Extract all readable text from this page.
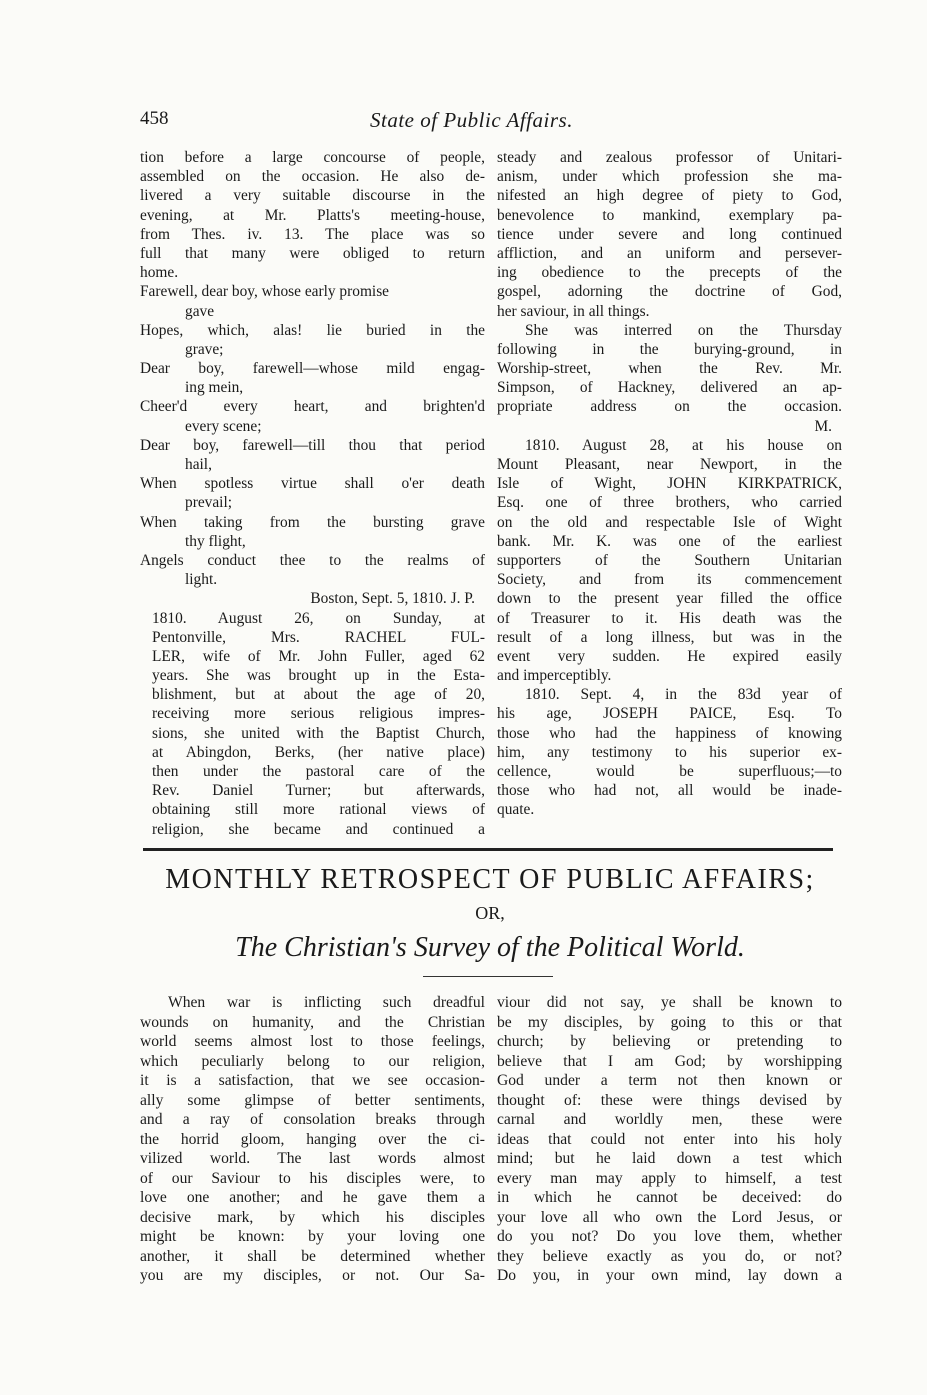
458	State of Public Affairs.
tion before a large concourse of people,
assembled on the occasion. He also de-
livered a very suitable discourse in the
evening, at Mr. Platts's meeting-house,
from Thes. iv. 13. The place was so
full that many were obliged to return
home.
Farewell, dear boy, whose early promise
gave
Hopes, which, alas! lie buried in the
grave;
Dear boy, farewell—whose mild engag-
ing mein,
Cheer'd every heart, and brighten'd
every scene;
Dear boy, farewell—till thou that period
hail,
When spotless virtue shall o'er death
prevail;
When taking from the bursting grave
thy flight,
Angels conduct thee to the realms of
light.
Boston, Sept. 5, 1810. J. P.
1810. August 26, on Sunday, at
Pentonville, Mrs. RACHEL FUL-
LER, wife of Mr. John Fuller, aged 62
years. She was brought up in the Esta-
blishment, but at about the age of 20,
receiving more serious religious impres-
sions, she united with the Baptist Church,
at Abingdon, Berks, (her native place)
then under the pastoral care of the
Rev. Daniel Turner; but afterwards,
obtaining still more rational views of
religion, she became and continued a
steady and zealous professor of Unitari-
anism, under which profession she ma-
nifested an high degree of piety to God,
benevolence to mankind, exemplary pa-
tience under severe and long continued
affliction, and an uniform and persever-
ing obedience to the precepts of the
gospel, adorning the doctrine of God,
her saviour, in all things.
She was interred on the Thursday
following in the burying-ground, in
Worship-street, when the Rev. Mr.
Simpson, of Hackney, delivered an ap-
propriate address on the occasion.
M.
1810. August 28, at his house on
Mount Pleasant, near Newport, in the
Isle of Wight, JOHN KIRKPATRICK,
Esq. one of three brothers, who carried
on the old and respectable Isle of Wight
bank. Mr. K. was one of the earliest
supporters of the Southern Unitarian
Society, and from its commencement
down to the present year filled the office
of Treasurer to it. His death was the
result of a long illness, but was in the
event very sudden. He expired easily
and imperceptibly.
1810. Sept. 4, in the 83d year of
his age, JOSEPH PAICE, Esq. To
those who had the happiness of knowing
him, any testimony to his superior ex-
cellence, would be superfluous;—to
those who had not, all would be inade-
quate.
MONTHLY RETROSPECT OF PUBLIC AFFAIRS;
OR,
The Christian's Survey of the Political World.
When war is inflicting such dreadful
wounds on humanity, and the Christian
world seems almost lost to those feelings,
which peculiarly belong to our religion,
it is a satisfaction, that we see occasion-
ally some glimpse of better sentiments,
and a ray of consolation breaks through
the horrid gloom, hanging over the ci-
vilized world. The last words almost
of our Saviour to his disciples were, to
love one another; and he gave them a
decisive mark, by which his disciples
might be known: by your loving one
another, it shall be determined whether
you are my disciples, or not. Our Sa-
viour did not say, ye shall be known to
be my disciples, by going to this or that
church; by believing or pretending to
believe that I am God; by worshipping
God under a term not then known or
thought of: these were things devised by
carnal and worldly men, these were
ideas that could not enter into his holy
mind; but he laid down a test which
every man may apply to himself, a test
in which he cannot be deceived: do
your love all who own the Lord Jesus, or
do you not? Do you love them, whether
they believe exactly as you do, or not?
Do you, in your own mind, lay down a
